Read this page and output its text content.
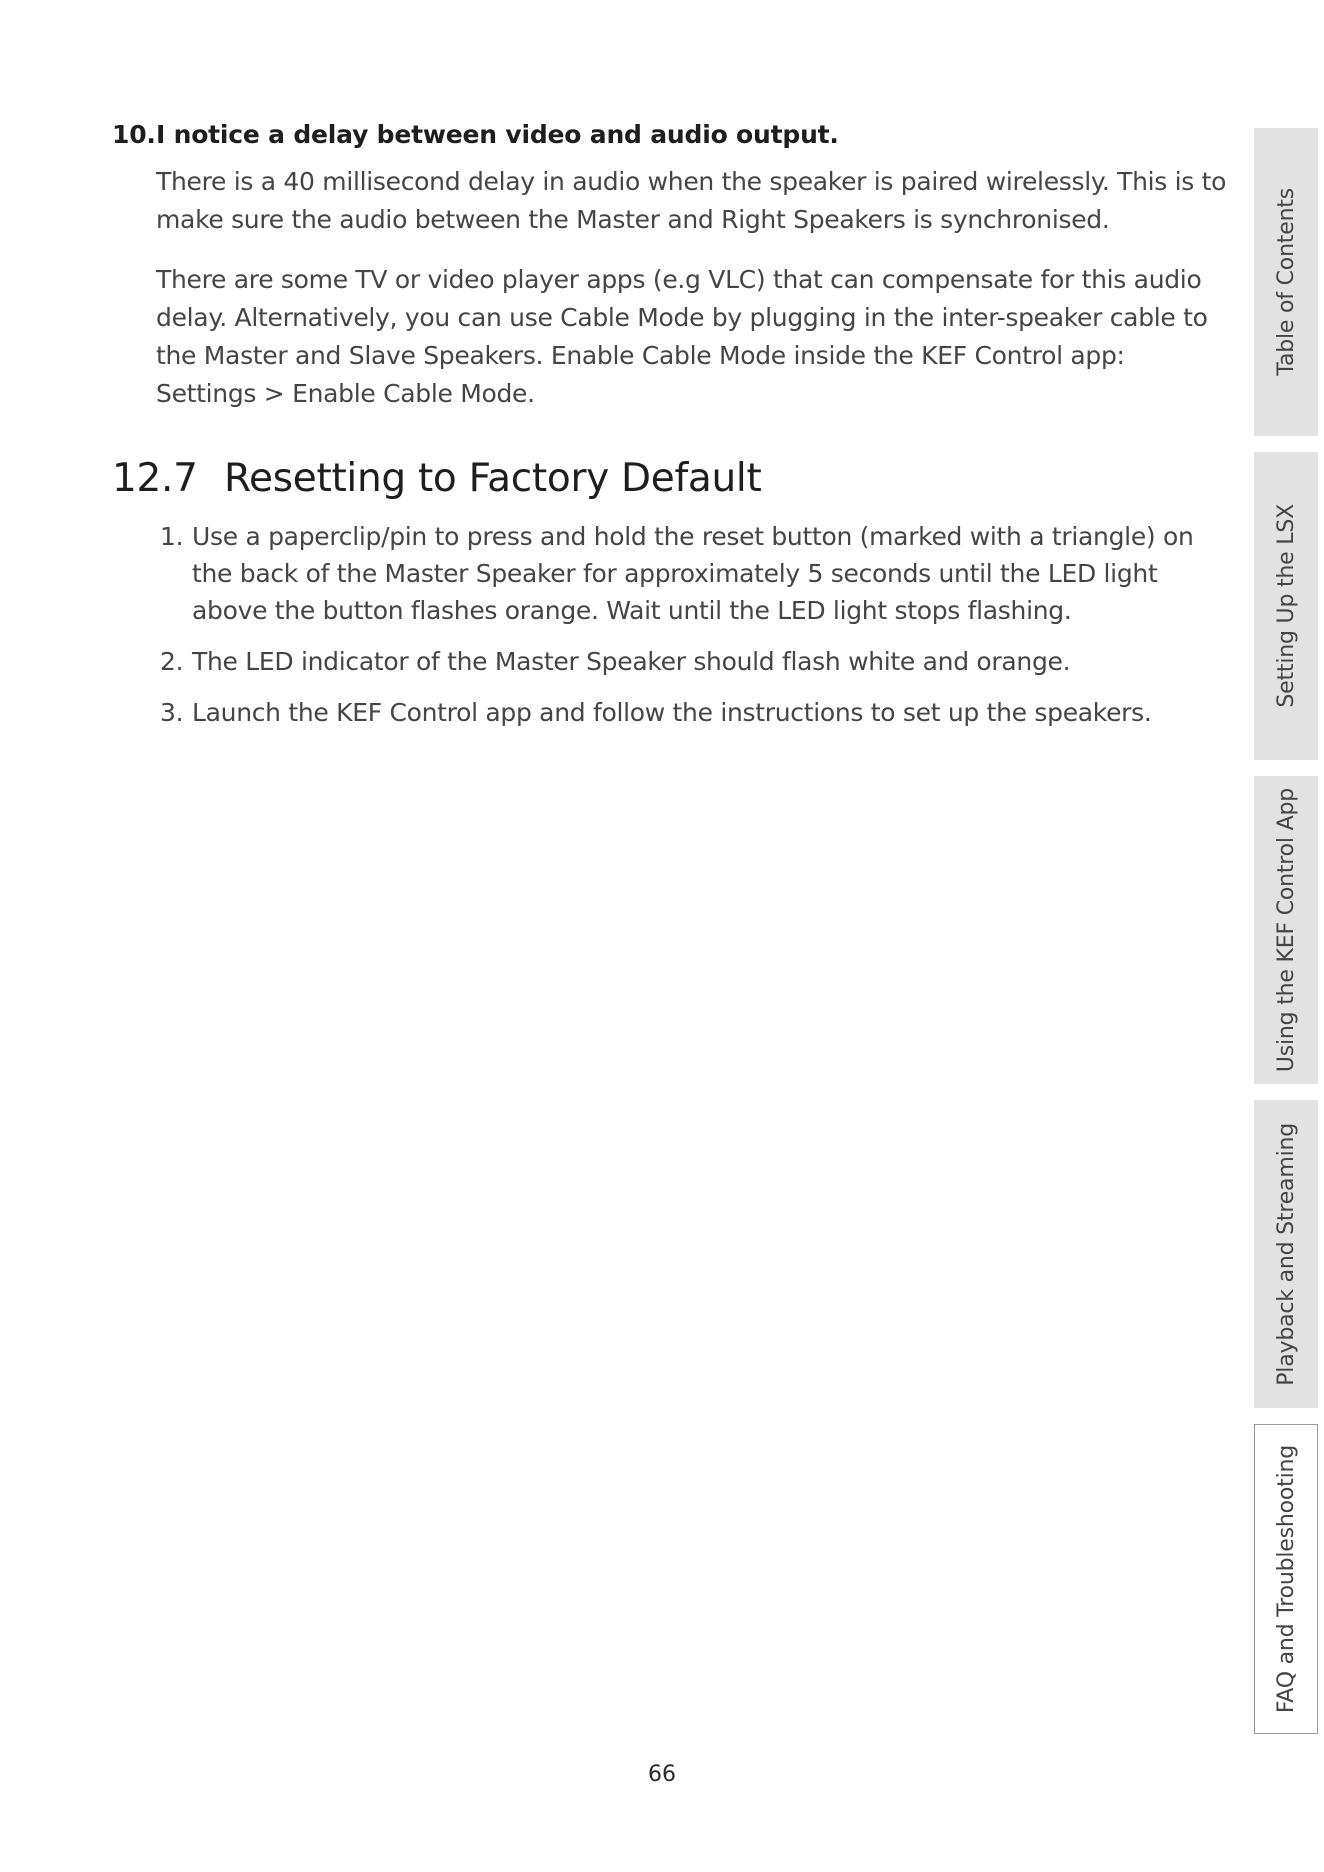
10.I notice a delay between video and audio output.

There is a 40 millisecond delay in audio when the speaker is paired wirelessly. This is to make sure the audio between the Master and Right Speakers is synchronised.

There are some TV or video player apps (e.g VLC) that can compensate for this audio delay. Alternatively, you can use Cable Mode by plugging in the inter-speaker cable to the Master and Slave Speakers. Enable Cable Mode inside the KEF Control app: Settings > Enable Cable Mode.

12.7 Resetting to Factory Default
1. Use a paperclip/pin to press and hold the reset button (marked with a triangle) on the back of the Master Speaker for approximately 5 seconds until the LED light above the button flashes orange. Wait until the LED light stops flashing.
2. The LED indicator of the Master Speaker should flash white and orange.
3. Launch the KEF Control app and follow the instructions to set up the speakers.
66
Table of Contents
Setting Up the LSX
Using the KEF Control App
Playback and Streaming
FAQ and Troubleshooting
